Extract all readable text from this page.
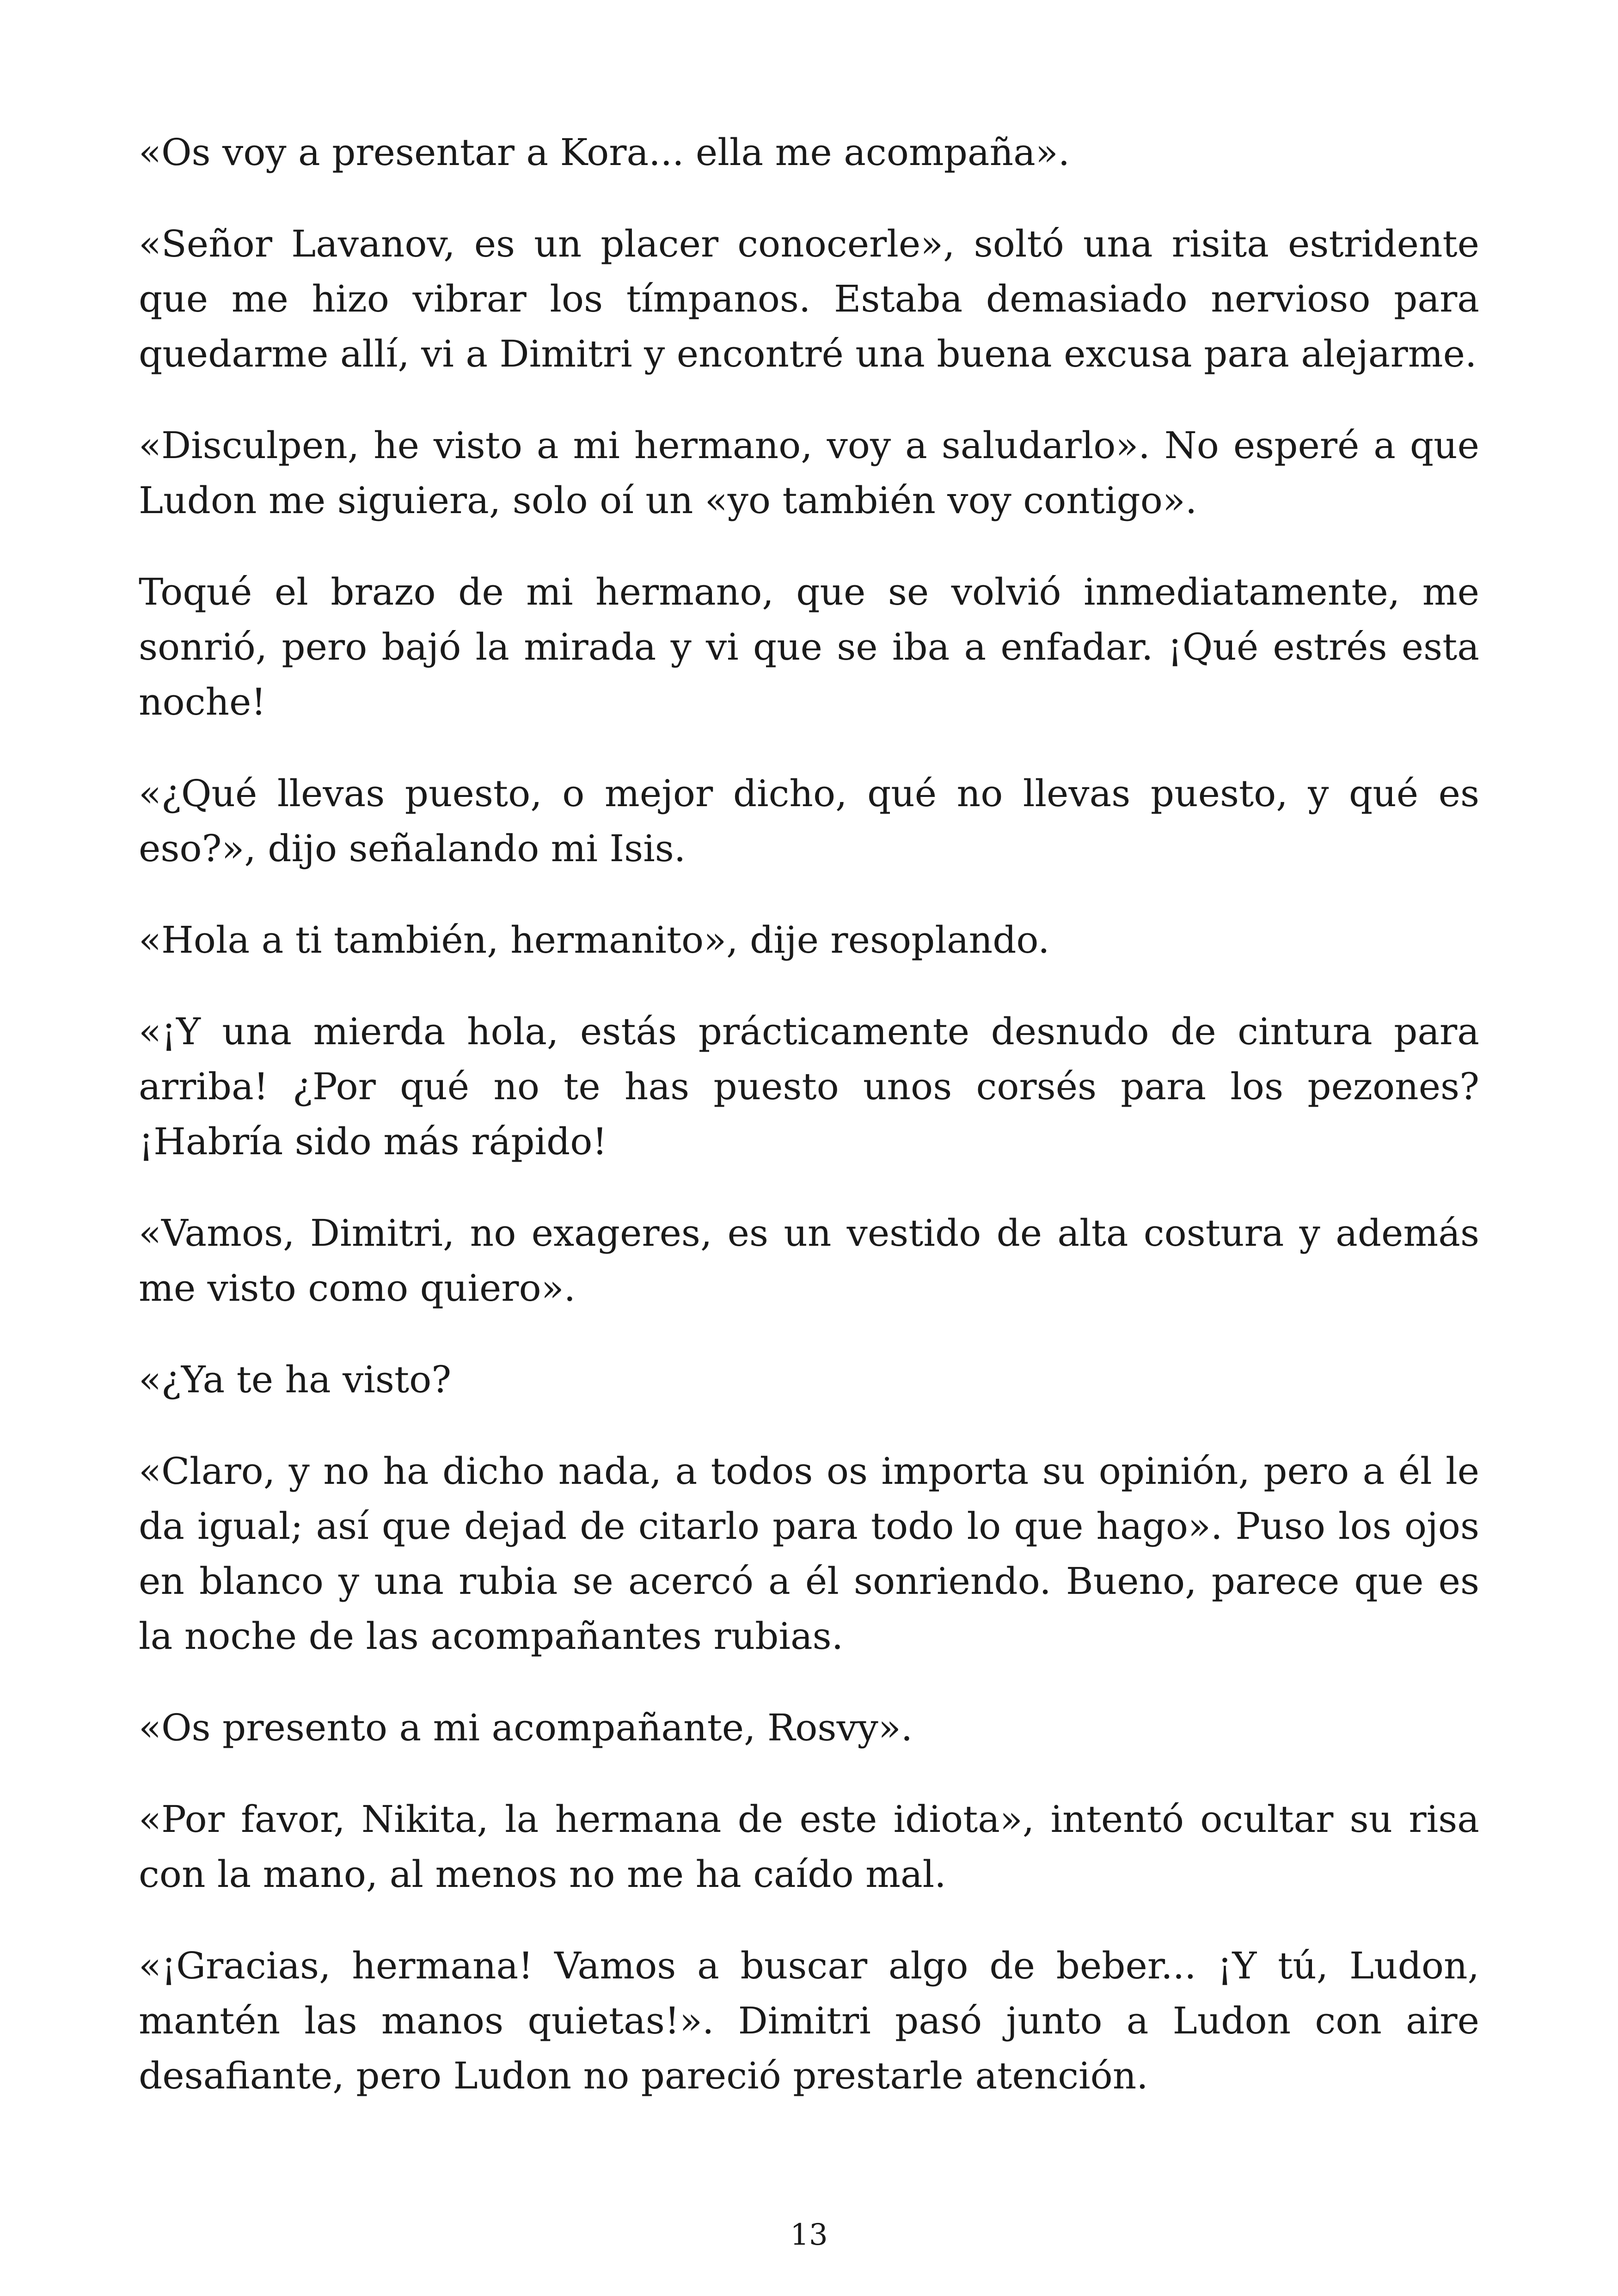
«Os voy a presentar a Kora... ella me acompaña».

«Señor Lavanov, es un placer conocerle», soltó una risita estridente que me hizo vibrar los tímpanos. Estaba demasiado nervioso para quedarme allí, vi a Dimitri y encontré una buena excusa para alejarme.

«Disculpen, he visto a mi hermano, voy a saludarlo». No esperé a que Ludon me siguiera, solo oí un «yo también voy contigo».

Toqué el brazo de mi hermano, que se volvió inmediatamente, me sonrió, pero bajó la mirada y vi que se iba a enfadar. ¡Qué estrés esta noche!

«¿Qué llevas puesto, o mejor dicho, qué no llevas puesto, y qué es eso?», dijo señalando mi Isis.

«Hola a ti también, hermanito», dije resoplando.

«¡Y una mierda hola, estás prácticamente desnudo de cintura para arriba! ¿Por qué no te has puesto unos corsés para los pezones? ¡Habría sido más rápido!

«Vamos, Dimitri, no exageres, es un vestido de alta costura y además me visto como quiero».

«¿Ya te ha visto?

«Claro, y no ha dicho nada, a todos os importa su opinión, pero a él le da igual; así que dejad de citarlo para todo lo que hago». Puso los ojos en blanco y una rubia se acercó a él sonriendo. Bueno, parece que es la noche de las acompañantes rubias.

«Os presento a mi acompañante, Rosvy».

«Por favor, Nikita, la hermana de este idiota», intentó ocultar su risa con la mano, al menos no me ha caído mal.

«¡Gracias, hermana! Vamos a buscar algo de beber... ¡Y tú, Ludon, mantén las manos quietas!». Dimitri pasó junto a Ludon con aire desafiante, pero Ludon no pareció prestarle atención.

13
